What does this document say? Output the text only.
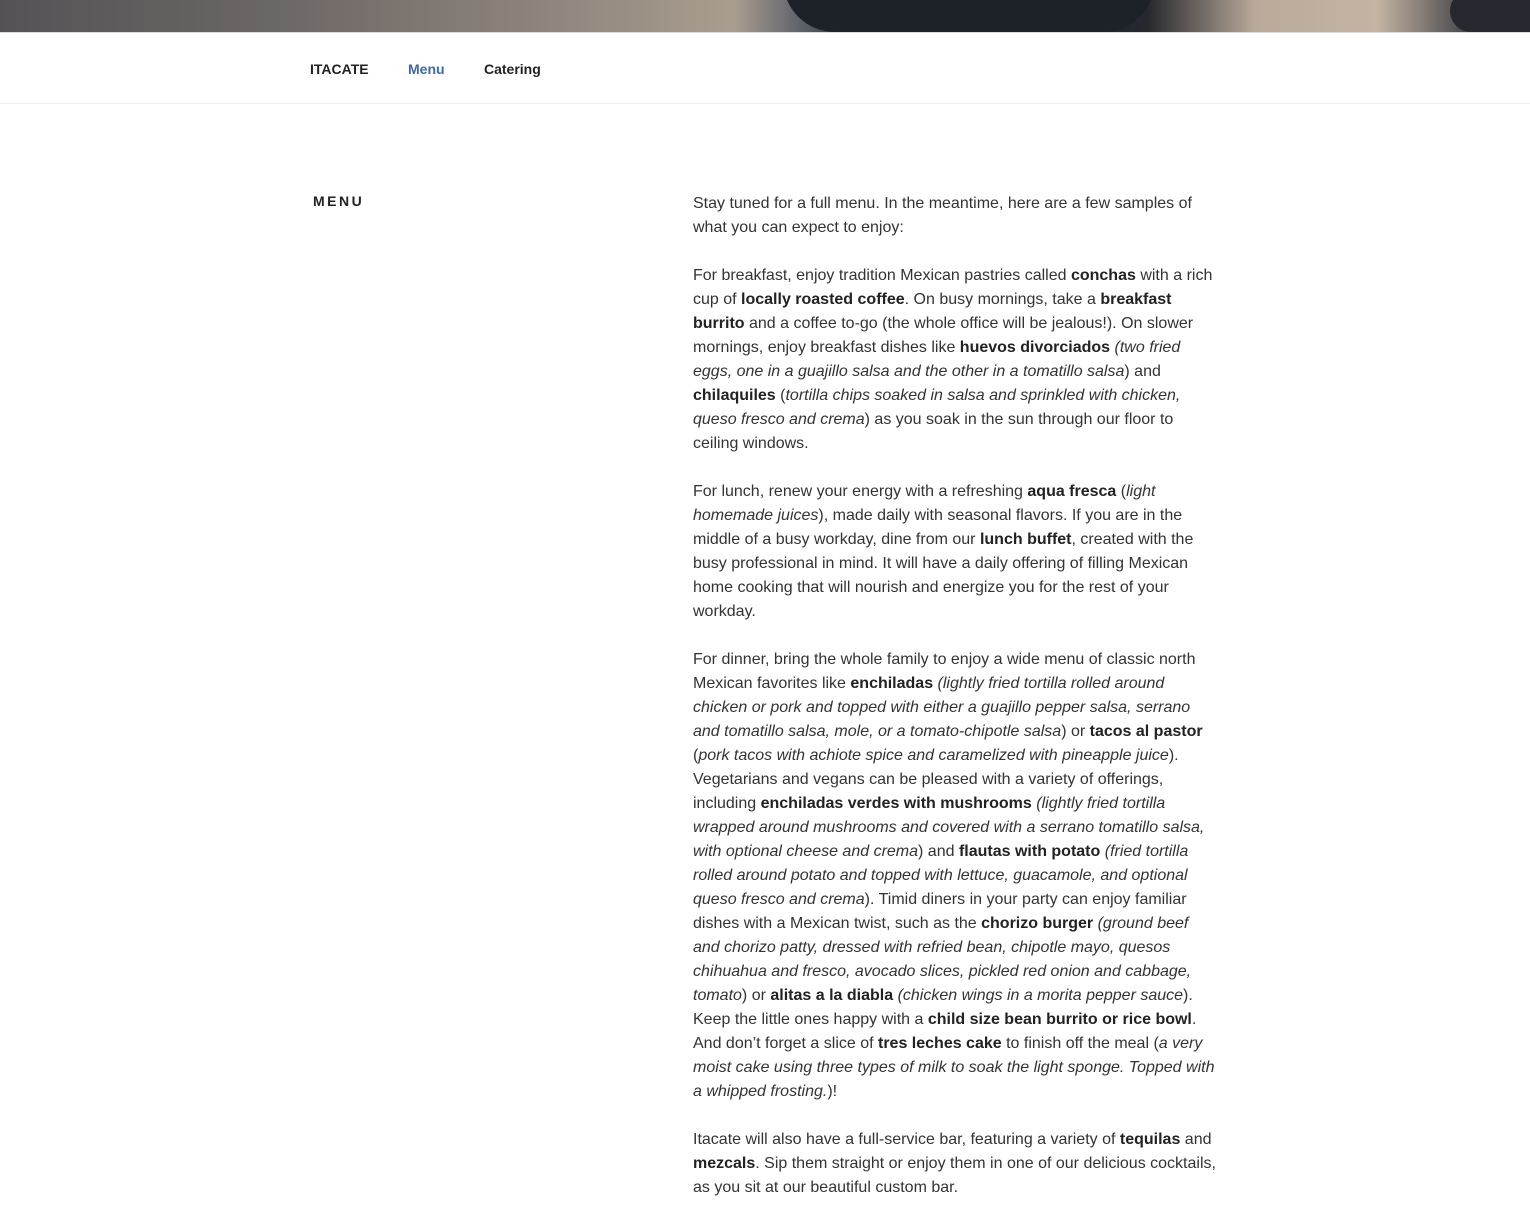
ITACATE	Menu	Catering
MENU	Stay tuned for a full menu. In the meantime, here are a few samples of what you can expect to enjoy:

For breakfast, enjoy tradition Mexican pastries called conchas with a rich cup of locally roasted coffee. On busy mornings, take a breakfast burrito and a coffee to-go (the whole office will be jealous!). On slower mornings, enjoy breakfast dishes like huevos divorciados (two fried eggs, one in a guajillo salsa and the other in a tomatillo salsa) and chilaquiles (tortilla chips soaked in salsa and sprinkled with chicken, queso fresco and crema) as you soak in the sun through our floor to ceiling windows.

For lunch, renew your energy with a refreshing aqua fresca (light homemade juices), made daily with seasonal flavors. If you are in the middle of a busy workday, dine from our lunch buffet, created with the busy professional in mind. It will have a daily offering of filling Mexican home cooking that will nourish and energize you for the rest of your workday.

For dinner, bring the whole family to enjoy a wide menu of classic north Mexican favorites like enchiladas (lightly fried tortilla rolled around chicken or pork and topped with either a guajillo pepper salsa, serrano and tomatillo salsa, mole, or a tomato-chipotle salsa) or tacos al pastor (pork tacos with achiote spice and caramelized with pineapple juice). Vegetarians and vegans can be pleased with a variety of offerings, including enchiladas verdes with mushrooms (lightly fried tortilla wrapped around mushrooms and covered with a serrano tomatillo salsa, with optional cheese and crema) and flautas with potato (fried tortilla rolled around potato and topped with lettuce, guacamole, and optional queso fresco and crema). Timid diners in your party can enjoy familiar dishes with a Mexican twist, such as the chorizo burger (ground beef and chorizo patty, dressed with refried bean, chipotle mayo, quesos chihuahua and fresco, avocado slices, pickled red onion and cabbage, tomato) or alitas a la diabla (chicken wings in a morita pepper sauce). Keep the little ones happy with a child size bean burrito or rice bowl. And don’t forget a slice of tres leches cake to finish off the meal (a very moist cake using three types of milk to soak the light sponge. Topped with a whipped frosting.)!

Itacate will also have a full-service bar, featuring a variety of tequilas and mezcals. Sip them straight or enjoy them in one of our delicious cocktails, as you sit at our beautiful custom bar.
